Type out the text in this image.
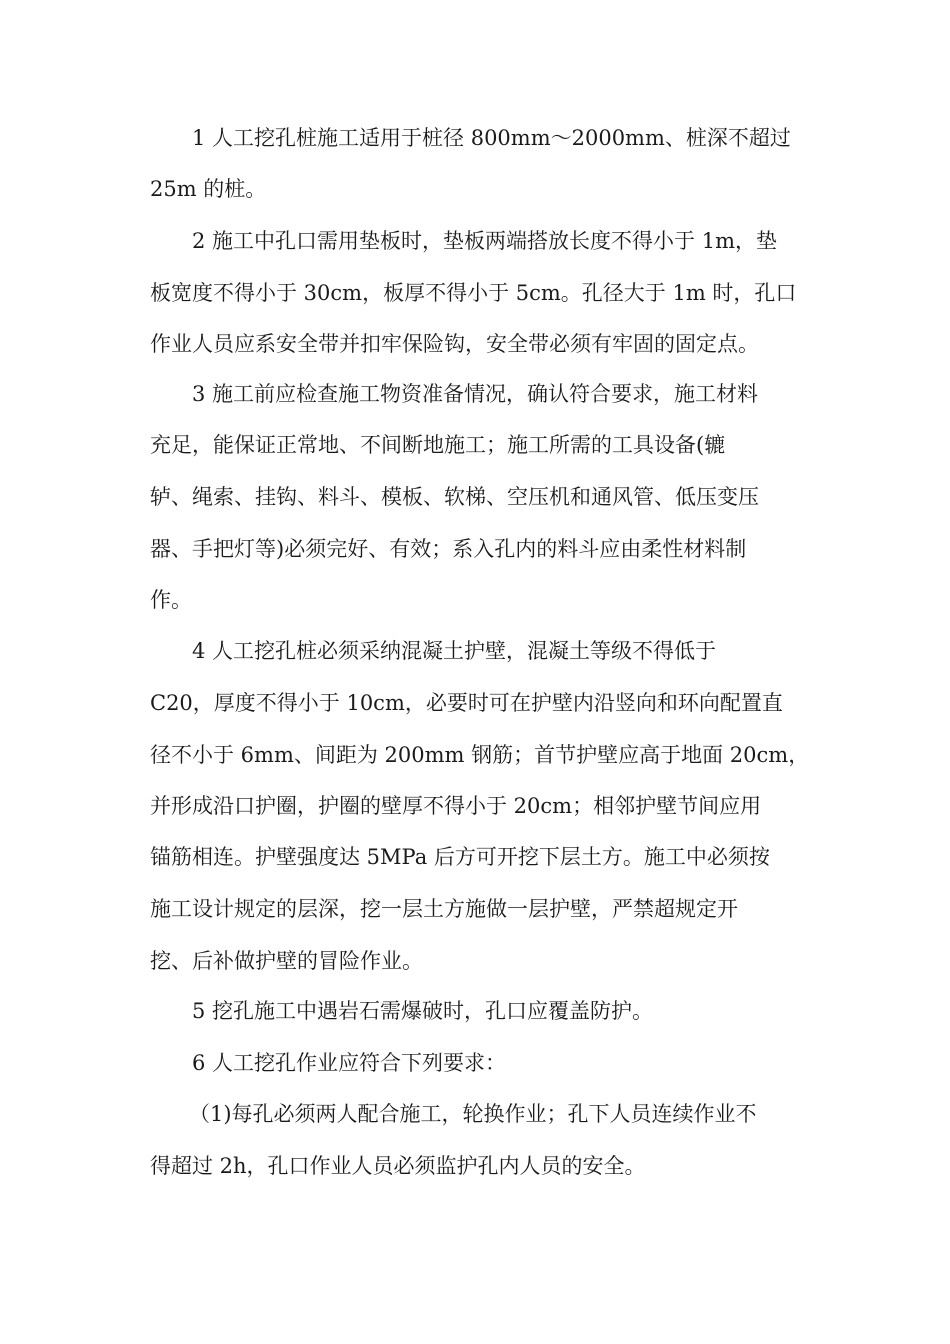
1 人工挖孔桩施工适用于桩径 800mm～2000mm、桩深不超过
25m 的桩。
2 施工中孔口需用垫板时，垫板两端搭放长度不得小于 1m，垫
板宽度不得小于 30cm，板厚不得小于 5cm。孔径大于 1m 时，孔口
作业人员应系安全带并扣牢保险钩，安全带必须有牢固的固定点。
3 施工前应检查施工物资准备情况，确认符合要求，施工材料
充足，能保证正常地、不间断地施工；施工所需的工具设备(辘
轳、绳索、挂钩、料斗、模板、软梯、空压机和通风管、低压变压
器、手把灯等)必须完好、有效；系入孔内的料斗应由柔性材料制
作。
4 人工挖孔桩必须采纳混凝土护壁，混凝土等级不得低于
C20，厚度不得小于 10cm，必要时可在护壁内沿竖向和环向配置直
径不小于 6mm、间距为 200mm 钢筋；首节护壁应高于地面 20cm，
并形成沿口护圈，护圈的壁厚不得小于 20cm；相邻护壁节间应用
锚筋相连。护壁强度达 5MPa 后方可开挖下层土方。施工中必须按
施工设计规定的层深，挖一层土方施做一层护壁，严禁超规定开
挖、后补做护壁的冒险作业。
5 挖孔施工中遇岩石需爆破时，孔口应覆盖防护。
6 人工挖孔作业应符合下列要求：
（1)每孔必须两人配合施工，轮换作业；孔下人员连续作业不
得超过 2h，孔口作业人员必须监护孔内人员的安全。
